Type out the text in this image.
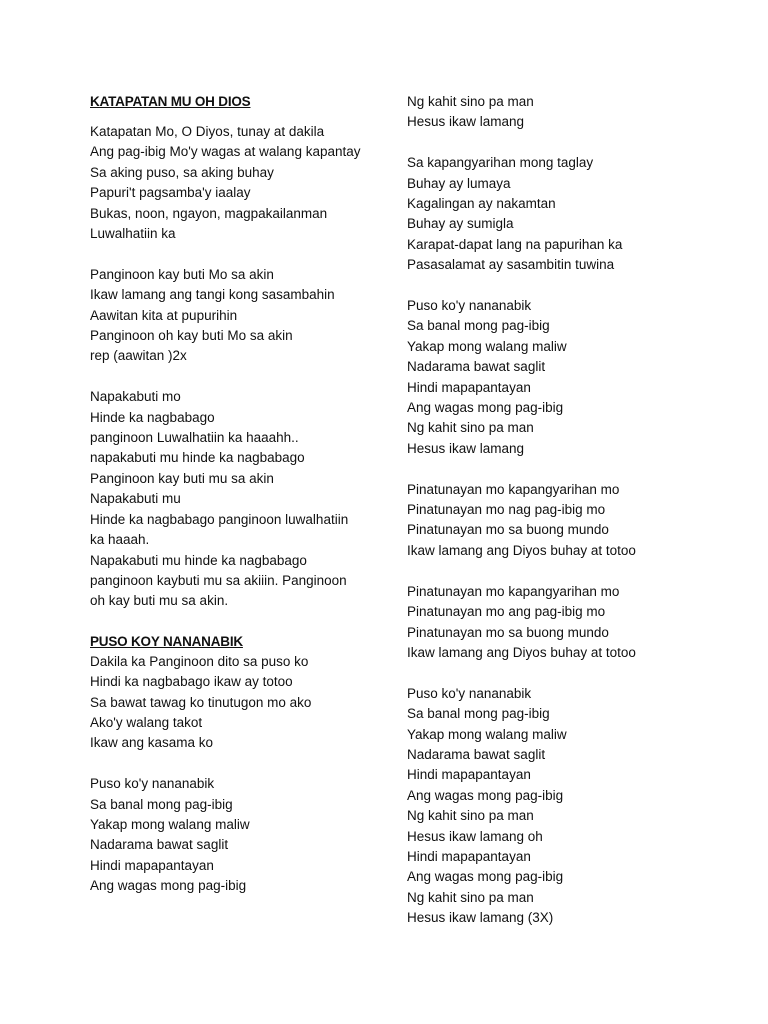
KATAPATAN MU OH DIOS
Katapatan Mo, O Diyos, tunay at dakila
Ang pag-ibig Mo'y wagas at walang kapantay
Sa aking puso, sa aking buhay
Papuri't pagsamba'y iaalay
Bukas, noon, ngayon, magpakailanman
Luwalhatiin ka
Panginoon kay buti Mo sa akin
Ikaw lamang ang tangi kong sasambahin
Aawitan kita at pupurihin
Panginoon oh kay buti Mo sa akin
rep (aawitan )2x
Napakabuti mo
Hinde ka nagbabago
panginoon Luwalhatiin ka haaahh..
napakabuti mu hinde ka nagbabago
Panginoon kay buti mu sa akin
Napakabuti mu
Hinde ka nagbabago panginoon luwalhatiin ka haaah.
Napakabuti mu hinde ka nagbabago panginoon kaybuti mu sa akiiin. Panginoon oh kay buti mu sa akin.
PUSO KOY NANANABIK
Dakila ka Panginoon dito sa puso ko
Hindi ka nagbabago ikaw ay totoo
Sa bawat tawag ko tinutugon mo ako
Ako'y walang takot
Ikaw ang kasama ko
Puso ko'y nananabik
Sa banal mong pag-ibig
Yakap mong walang maliw
Nadarama bawat saglit
Hindi mapapantayan
Ang wagas mong pag-ibig
Ng kahit sino pa man
Hesus ikaw lamang
Sa kapangyarihan mong taglay
Buhay ay lumaya
Kagalingan ay nakamtan
Buhay ay sumigla
Karapat-dapat lang na papurihan ka
Pasasalamat ay sasambitin tuwina
Puso ko'y nananabik
Sa banal mong pag-ibig
Yakap mong walang maliw
Nadarama bawat saglit
Hindi mapapantayan
Ang wagas mong pag-ibig
Ng kahit sino pa man
Hesus ikaw lamang
Pinatunayan mo kapangyarihan mo
Pinatunayan mo nag pag-ibig mo
Pinatunayan mo sa buong mundo
Ikaw lamang ang Diyos buhay at totoo
Pinatunayan mo kapangyarihan mo
Pinatunayan mo ang pag-ibig mo
Pinatunayan mo sa buong mundo
Ikaw lamang ang Diyos buhay at totoo
Puso ko'y nananabik
Sa banal mong pag-ibig
Yakap mong walang maliw
Nadarama bawat saglit
Hindi mapapantayan
Ang wagas mong pag-ibig
Ng kahit sino pa man
Hesus ikaw lamang oh
Hindi mapapantayan
Ang wagas mong pag-ibig
Ng kahit sino pa man
Hesus ikaw lamang (3X)
